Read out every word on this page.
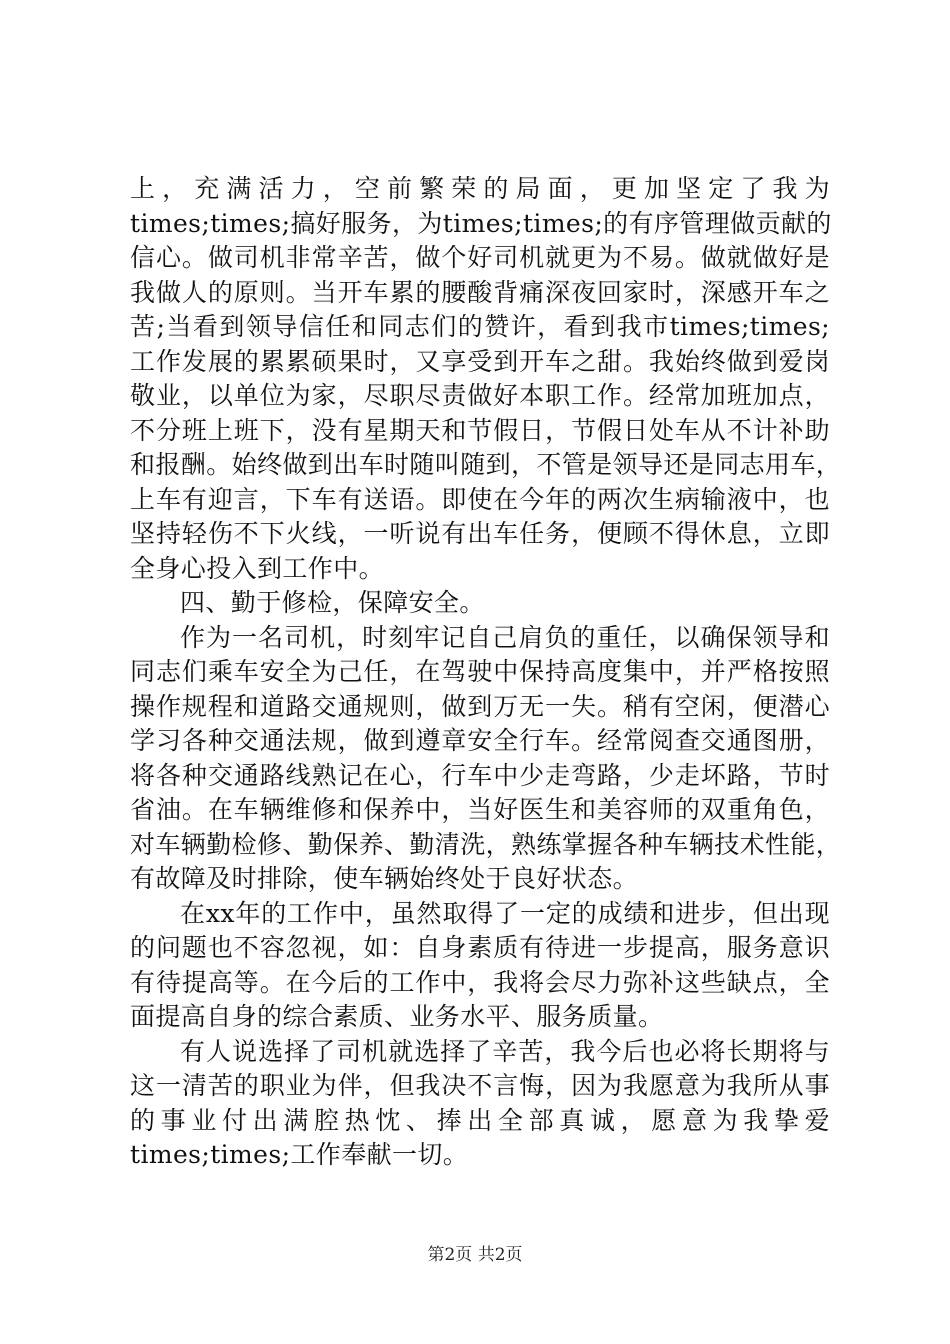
上，充满活力，空前繁荣的局面，更加坚定了我为
times;times;搞好服务，为times;times;的有序管理做贡献的
信心。做司机非常辛苦，做个好司机就更为不易。做就做好是
我做人的原则。当开车累的腰酸背痛深夜回家时，深感开车之
苦;当看到领导信任和同志们的赞许，看到我市times;times;
工作发展的累累硕果时，又享受到开车之甜。我始终做到爱岗
敬业，以单位为家，尽职尽责做好本职工作。经常加班加点，
不分班上班下，没有星期天和节假日，节假日处车从不计补助
和报酬。始终做到出车时随叫随到，不管是领导还是同志用车，
上车有迎言，下车有送语。即使在今年的两次生病输液中，也
坚持轻伤不下火线，一听说有出车任务，便顾不得休息，立即
全身心投入到工作中。
四、勤于修检，保障安全。
作为一名司机，时刻牢记自己肩负的重任，以确保领导和
同志们乘车安全为己任，在驾驶中保持高度集中，并严格按照
操作规程和道路交通规则，做到万无一失。稍有空闲，便潜心
学习各种交通法规，做到遵章安全行车。经常阅查交通图册，
将各种交通路线熟记在心，行车中少走弯路，少走坏路，节时
省油。在车辆维修和保养中，当好医生和美容师的双重角色，
对车辆勤检修、勤保养、勤清洗，熟练掌握各种车辆技术性能，
有故障及时排除，使车辆始终处于良好状态。
在xx年的工作中，虽然取得了一定的成绩和进步，但出现
的问题也不容忽视，如：自身素质有待进一步提高，服务意识
有待提高等。在今后的工作中，我将会尽力弥补这些缺点，全
面提高自身的综合素质、业务水平、服务质量。
有人说选择了司机就选择了辛苦，我今后也必将长期将与
这一清苦的职业为伴，但我决不言悔，因为我愿意为我所从事
的事业付出满腔热忱、捧出全部真诚，愿意为我挚爱
times;times;工作奉献一切。
第2页 共2页
